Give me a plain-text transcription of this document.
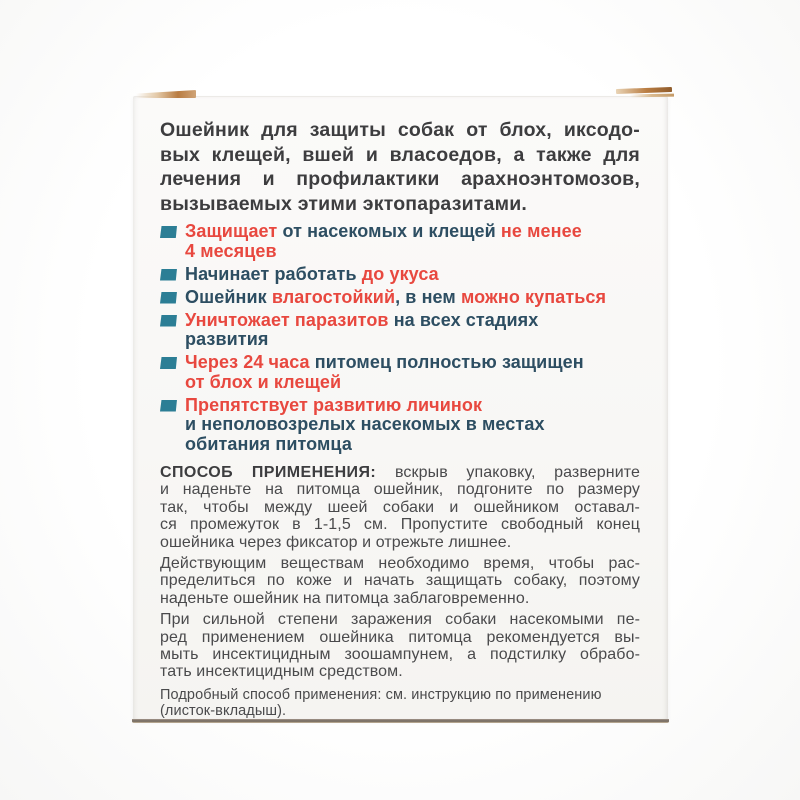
Ошейник для защиты собак от блох, иксодо-
вых клещей, вшей и власоедов, а также для
лечения и профилактики арахноэнтомозов,
вызываемых этими эктопаразитами.
Защищает от насекомых и клещей не менее
4 месяцев
Начинает работать до укуса
Ошейник влагостойкий, в нем можно купаться
Уничтожает паразитов на всех стадиях
развития
Через 24 часа питомец полностью защищен
от блох и клещей
Препятствует развитию личинок
и неполовозрелых насекомых в местах
обитания питомца
СПОСОБ ПРИМЕНЕНИЯ: вскрыв упаковку, разверните
и наденьте на питомца ошейник, подгоните по размеру
так, чтобы между шеей собаки и ошейником оставал-
ся промежуток в 1-1,5 см. Пропустите свободный конец
ошейника через фиксатор и отрежьте лишнее.
Действующим веществам необходимо время, чтобы рас-
пределиться по коже и начать защищать собаку, поэтому
наденьте ошейник на питомца заблаговременно.
При сильной степени заражения собаки насекомыми пе-
ред применением ошейника питомца рекомендуется вы-
мыть инсектицидным зоошампунем, а подстилку обрабо-
тать инсектицидным средством.
Подробный способ применения: см. инструкцию по применению
(листок-вкладыш).
